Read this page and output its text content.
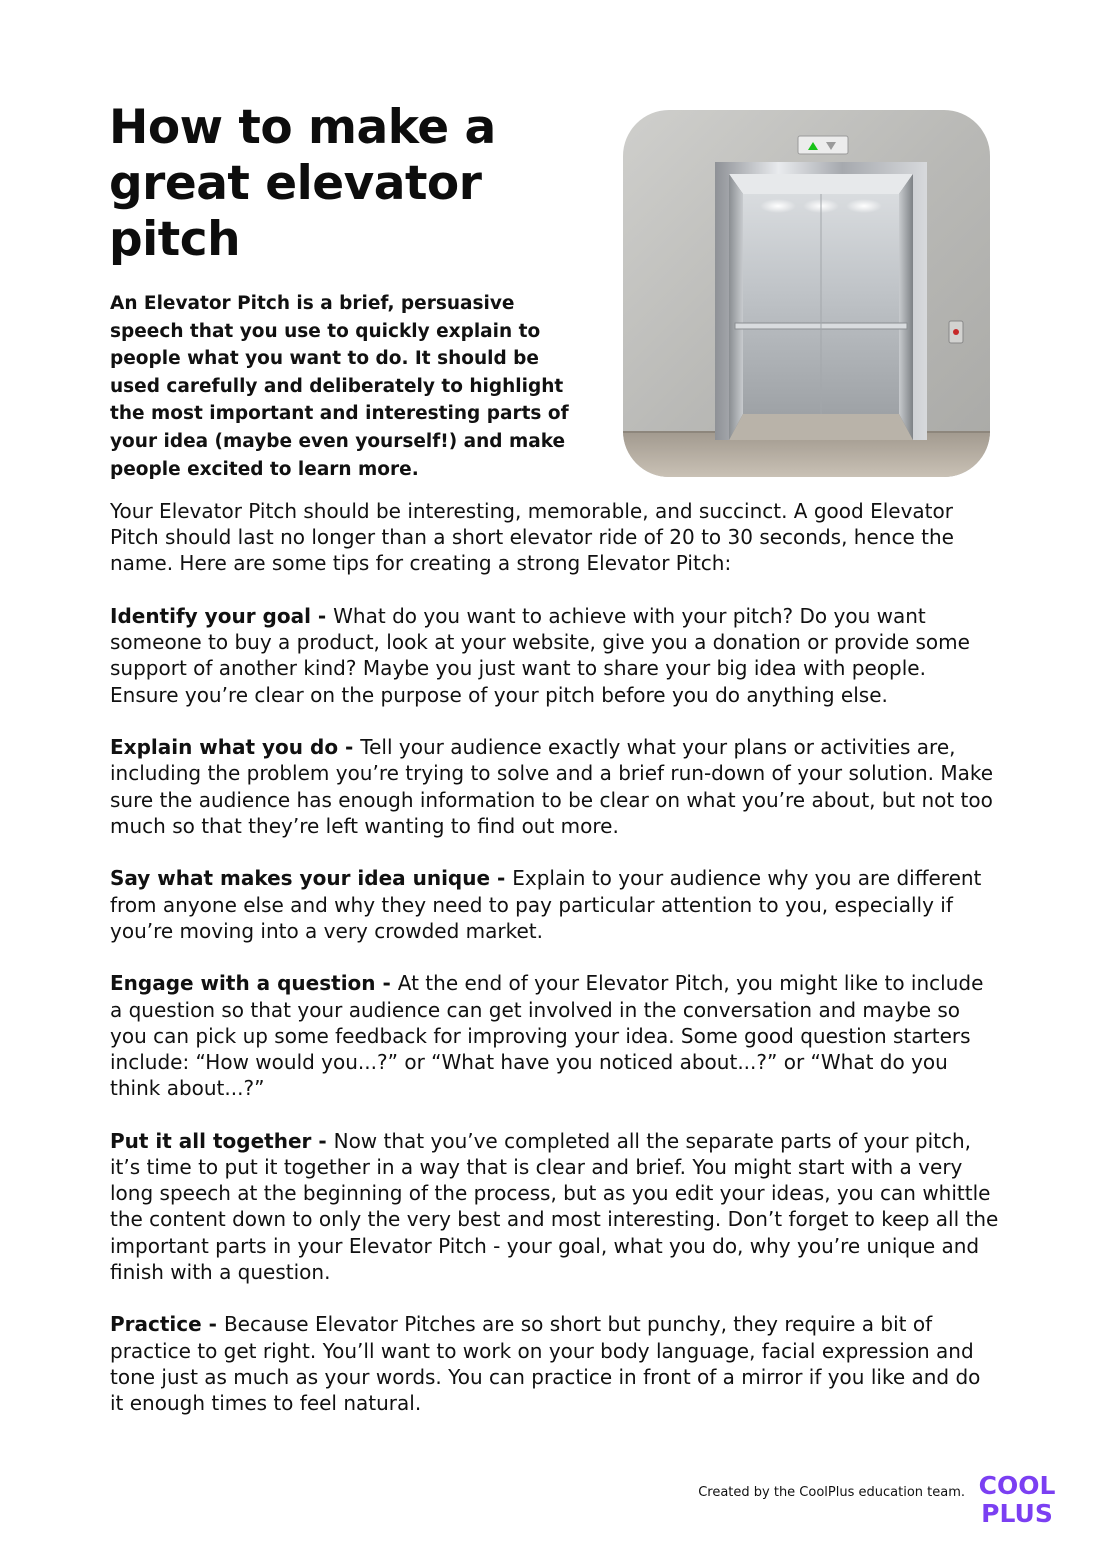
How to make a great elevator pitch

An Elevator Pitch is a brief, persuasive speech that you use to quickly explain to people what you want to do. It should be used carefully and deliberately to highlight the most important and interesting parts of your idea (maybe even yourself!) and make people excited to learn more.

Your Elevator Pitch should be interesting, memorable, and succinct. A good Elevator Pitch should last no longer than a short elevator ride of 20 to 30 seconds, hence the name. Here are some tips for creating a strong Elevator Pitch:

Identify your goal - What do you want to achieve with your pitch? Do you want someone to buy a product, look at your website, give you a donation or provide some support of another kind? Maybe you just want to share your big idea with people. Ensure you’re clear on the purpose of your pitch before you do anything else.

Explain what you do - Tell your audience exactly what your plans or activities are, including the problem you’re trying to solve and a brief run-down of your solution. Make sure the audience has enough information to be clear on what you’re about, but not too much so that they’re left wanting to find out more.

Say what makes your idea unique - Explain to your audience why you are different from anyone else and why they need to pay particular attention to you, especially if you’re moving into a very crowded market.

Engage with a question - At the end of your Elevator Pitch, you might like to include a question so that your audience can get involved in the conversation and maybe so you can pick up some feedback for improving your idea. Some good question starters include: “How would you...?” or “What have you noticed about...?” or “What do you think about...?”

Put it all together - Now that you’ve completed all the separate parts of your pitch, it’s time to put it together in a way that is clear and brief. You might start with a very long speech at the beginning of the process, but as you edit your ideas, you can whittle the content down to only the very best and most interesting. Don’t forget to keep all the important parts in your Elevator Pitch - your goal, what you do, why you’re unique and finish with a question.

Practice - Because Elevator Pitches are so short but punchy, they require a bit of practice to get right. You’ll want to work on your body language, facial expression and tone just as much as your words. You can practice in front of a mirror if you like and do it enough times to feel natural.

Created by the CoolPlus education team. COOL
PLUS
